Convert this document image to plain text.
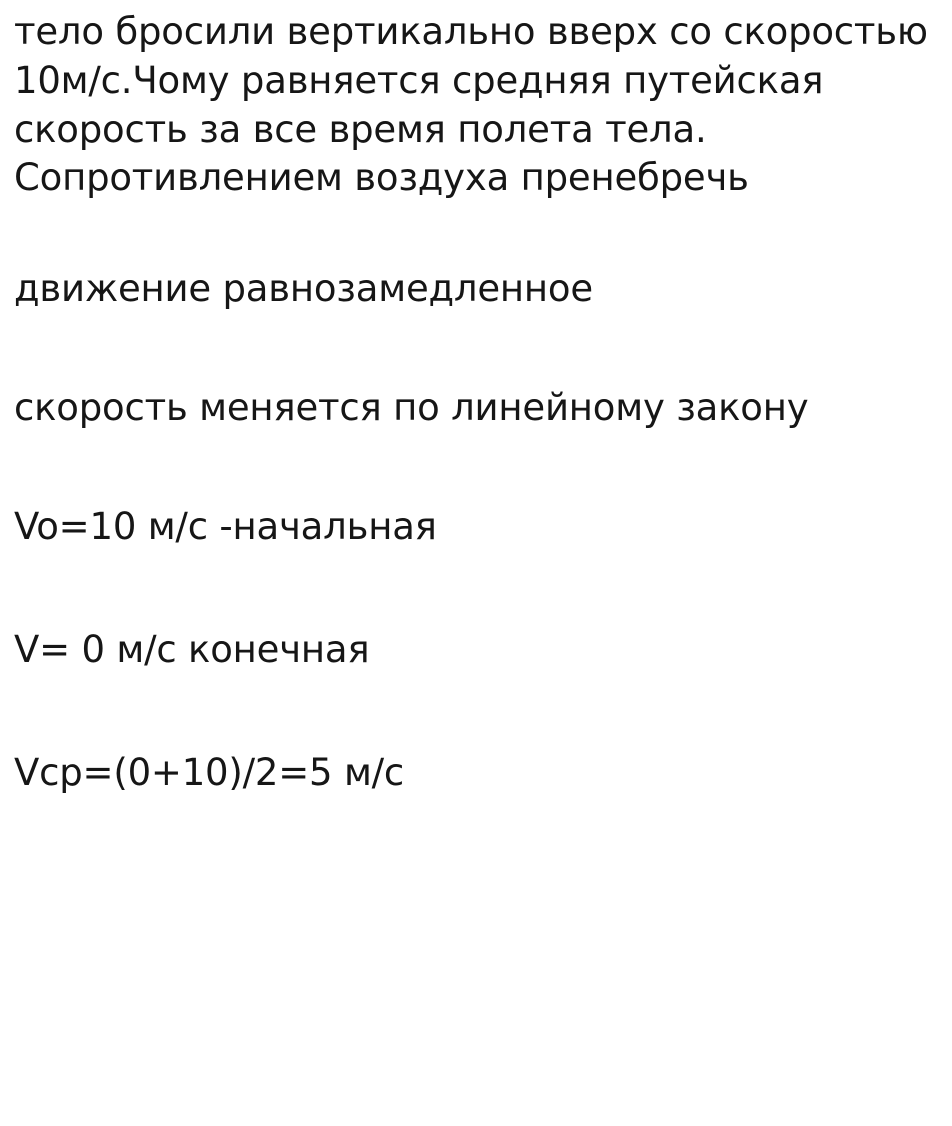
тело бросили вертикально вверх со скоростью 10м/с.Чому равняется средняя путейская скорость за все время полета тела. Сопротивлением воздуха пренебречь
движение равнозамедленное
скорость меняется по линейному закону
Vo=10 м/с -начальная
V= 0 м/с конечная
Vcp=(0+10)/2=5 м/с
